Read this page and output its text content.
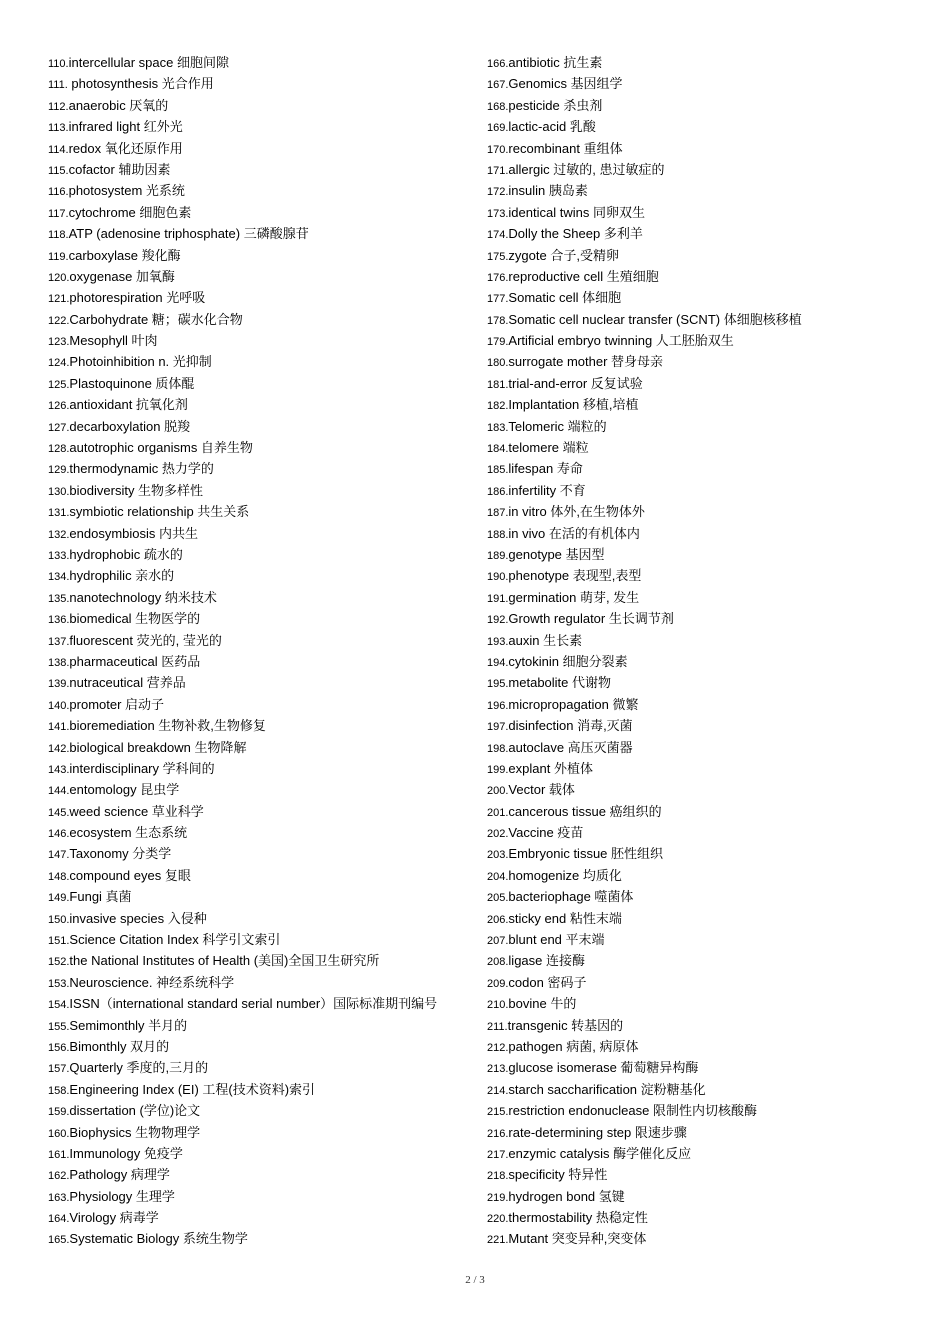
110.intercellular space 细胞间隙
111. photosynthesis 光合作用
112.anaerobic 厌氧的
113.infrared light 红外光
114.redox 氧化还原作用
115.cofactor 辅助因素
116.photosystem 光系统
117.cytochrome 细胞色素
118.ATP (adenosine triphosphate) 三磷酸腺苷
119.carboxylase 羧化酶
120.oxygenase 加氧酶
121.photorespiration 光呼吸
122.Carbohydrate 糖；碳水化合物
123.Mesophyll 叶肉
124.Photoinhibition n. 光抑制
125.Plastoquinone 质体醌
126.antioxidant 抗氧化剂
127.decarboxylation 脱羧
128.autotrophic organisms 自养生物
129.thermodynamic 热力学的
130.biodiversity 生物多样性
131.symbiotic relationship 共生关系
132.endosymbiosis 内共生
133.hydrophobic 疏水的
134.hydrophilic 亲水的
135.nanotechnology 纳米技术
136.biomedical 生物医学的
137.fluorescent 荧光的, 莹光的
138.pharmaceutical 医药品
139.nutraceutical 营养品
140.promoter 启动子
141.bioremediation 生物补救,生物修复
142.biological breakdown 生物降解
143.interdisciplinary 学科间的
144.entomology 昆虫学
145.weed science 草业科学
146.ecosystem 生态系统
147.Taxonomy 分类学
148.compound eyes 复眼
149.Fungi 真菌
150.invasive species 入侵种
151.Science Citation Index 科学引文索引
152.the National Institutes of Health (美国)全国卫生研究所
153.Neuroscience. 神经系统科学
154.ISSN（international standard serial number）国际标准期刊编号
155.Semimonthly 半月的
156.Bimonthly 双月的
157.Quarterly 季度的,三月的
158.Engineering Index (EI) 工程(技术资料)索引
159.dissertation (学位)论文
160.Biophysics 生物物理学
161.Immunology 免疫学
162.Pathology 病理学
163.Physiology 生理学
164.Virology 病毒学
165.Systematic Biology 系统生物学
166.antibiotic 抗生素
167.Genomics 基因组学
168.pesticide 杀虫剂
169.lactic-acid 乳酸
170.recombinant 重组体
171.allergic 过敏的, 患过敏症的
172.insulin 胰岛素
173.identical twins 同卵双生
174.Dolly the Sheep 多利羊
175.zygote 合子,受精卵
176.reproductive cell 生殖细胞
177.Somatic cell 体细胞
178.Somatic cell nuclear transfer (SCNT) 体细胞核移植
179.Artificial embryo twinning 人工胚胎双生
180.surrogate mother 替身母亲
181.trial-and-error 反复试验
182.Implantation 移植,培植
183.Telomeric 端粒的
184.telomere 端粒
185.lifespan 寿命
186.infertility 不育
187.in vitro 体外,在生物体外
188.in vivo 在活的有机体内
189.genotype 基因型
190.phenotype 表现型,表型
191.germination 萌芽, 发生
192.Growth regulator 生长调节剂
193.auxin 生长素
194.cytokinin 细胞分裂素
195.metabolite 代谢物
196.micropropagation 微繁
197.disinfection 消毒,灭菌
198.autoclave 高压灭菌器
199.explant 外植体
200.Vector 载体
201.cancerous tissue 癌组织的
202.Vaccine 疫苗
203.Embryonic tissue 胚性组织
204.homogenize 均质化
205.bacteriophage 噬菌体
206.sticky end 粘性末端
207.blunt end 平末端
208.ligase 连接酶
209.codon 密码子
210.bovine 牛的
211.transgenic 转基因的
212.pathogen 病菌, 病原体
213.glucose isomerase 葡萄糖异构酶
214.starch saccharification 淀粉糖基化
215.restriction endonuclease 限制性内切核酸酶
216.rate-determining step 限速步骤
217.enzymic catalysis 酶学催化反应
218.specificity 特异性
219.hydrogen bond 氢键
220.thermostability 热稳定性
221.Mutant 突变异种,突变体
2 / 3
